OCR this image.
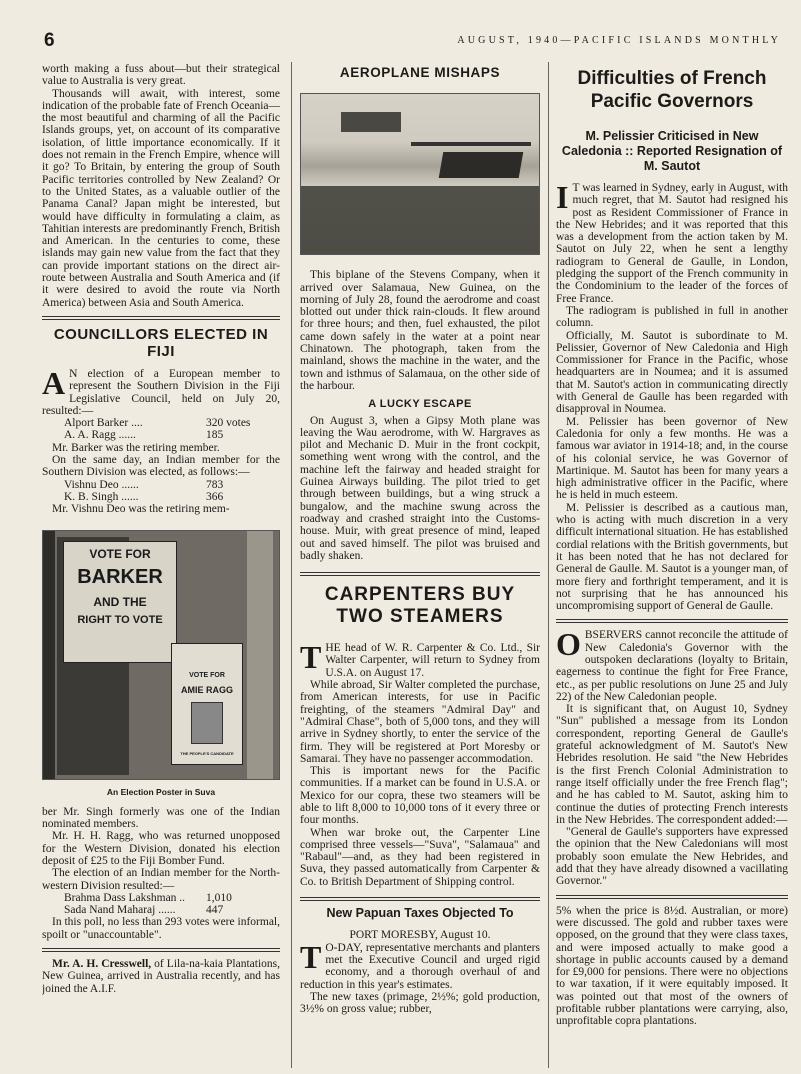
6	AUGUST, 1940—PACIFIC ISLANDS MONTHLY

worth making a fuss about—but their strategical value to Australia is very great.

Thousands will await, with interest, some indication of the probable fate of French Oceania—the most beautiful and charming of all the Pacific Islands groups, yet, on account of its comparative isolation, of little importance economically. If it does not remain in the French Empire, whence will it go? To Britain, by entering the group of South Pacific territories controlled by New Zealand? Or to the United States, as a valuable outlier of the Panama Canal? Japan might be interested, but would have difficulty in formulating a claim, as Tahitian interests are predominantly French, British and American. In the centuries to come, these islands may gain new value from the fact that they can provide important stations on the direct air-route between Australia and South America and (if it were desired to avoid the route via North America) between Asia and South America.

COUNCILLORS ELECTED IN FIJI

A N election of a European member to represent the Southern Division in the Fiji Legislative Council, held on July 20, resulted:—

Alport Barker ....	320 votes
A. A. Ragg ......	185

Mr. Barker was the retiring member.

On the same day, an Indian member for the Southern Division was elected, as follows:—

Vishnu Deo ......	783
K. B. Singh ......	366

Mr. Vishnu Deo was the retiring mem-

VOTE FOR
BARKER
AND THE
RIGHT TO VOTE
VOTE FOR
AMIE RAGG
THE PEOPLE'S CANDIDATE
An Election Poster in Suva

ber Mr. Singh formerly was one of the Indian nominated members.

Mr. H. H. Ragg, who was returned unopposed for the Western Division, donated his election deposit of £25 to the Fiji Bomber Fund.

The election of an Indian member for the North-western Division resulted:—

Brahma Dass Lakshman .. 1,010
Sada Nand Maharaj ......	447

In this poll, no less than 293 votes were informal, spoilt or "unaccountable".

Mr. A. H. Cresswell, of Lila-na-kaia Plantations, New Guinea, arrived in Australia recently, and has joined the A.I.F.

AEROPLANE MISHAPS

This biplane of the Stevens Company, when it arrived over Salamaua, New Guinea, on the morning of July 28, found the aerodrome and coast blotted out under thick rain-clouds. It flew around for three hours; and then, fuel exhausted, the pilot came down safely in the water at a point near Chinatown. The photograph, taken from the mainland, shows the machine in the water, and the town and isthmus of Salamaua, on the other side of the harbour.

A LUCKY ESCAPE

On August 3, when a Gipsy Moth plane was leaving the Wau aerodrome, with W. Hargraves as pilot and Mechanic D. Muir in the front cockpit, something went wrong with the control, and the machine left the fairway and headed straight for Guinea Airways building. The pilot tried to get through between buildings, but a wing struck a bungalow, and the machine swung across the roadway and crashed straight into the Customs-house. Muir, with great presence of mind, leaped out and saved himself. The pilot was bruised and badly shaken.

CARPENTERS BUY TWO STEAMERS

THE head of W. R. Carpenter & Co. Ltd., Sir Walter Carpenter, will return to Sydney from U.S.A. on August 17.

While abroad, Sir Walter completed the purchase, from American interests, for use in Pacific freighting, of the steamers "Admiral Day" and "Admiral Chase", both of 5,000 tons, and they will arrive in Sydney shortly, to enter the service of the firm. They will be registered at Port Moresby or Samarai. They have no passenger accommodation.

This is important news for the Pacific communities. If a market can be found in U.S.A. or Mexico for our copra, these two steamers will be able to lift 8,000 to 10,000 tons of it every three or four months.

When war broke out, the Carpenter Line comprised three vessels—"Suva", "Salamaua" and "Rabaul"—and, as they had been registered in Suva, they passed automatically from Carpenter & Co. to British Department of Shipping control.

New Papuan Taxes Objected To

PORT MORESBY, August 10.

T O-DAY, representative merchants and planters met the Executive Council and urged rigid economy, and a thorough overhaul of and reduction in this year's estimates.

The new taxes (primage, 2½%; gold production, 3½% on gross value; rubber,

Difficulties of French Pacific Governors
M. Pelissier Criticised in New Caledonia :: Reported Resignation of M. Sautot

I T was learned in Sydney, early in August, with much regret, that M. Sautot had resigned his post as Resident Commissioner of France in the New Hebrides; and it was reported that this was a development from the action taken by M. Sautot on July 22, when he sent a lengthy radiogram to General de Gaulle, in London, pledging the support of the French community in the Condominium to the leader of the forces of Free France.

The radiogram is published in full in another column.

Officially, M. Sautot is subordinate to M. Pelissier, Governor of New Caledonia and High Commissioner for France in the Pacific, whose headquarters are in Noumea; and it is assumed that M. Sautot's action in communicating directly with General de Gaulle has been regarded with disapproval in Noumea.

M. Pelissier has been governor of New Caledonia for only a few months. He was a famous war aviator in 1914-18; and, in the course of his colonial service, he was Governor of Martinique. M. Sautot has been for many years a high administrative officer in the Pacific, where he is held in much esteem.

M. Pelissier is described as a cautious man, who is acting with much discretion in a very difficult international situation. He has established cordial relations with the British governments, but it has been noted that he has not declared for General de Gaulle. M. Sautot is a younger man, of more fiery and forthright temperament, and it is not surprising that he has announced his uncompromising support of General de Gaulle.

OBSERVERS cannot reconcile the attitude of New Caledonia's Governor with the outspoken declarations (loyalty to Britain, eagerness to continue the fight for Free France, etc., as per public resolutions on June 25 and July 22) of the New Caledonian people.

It is significant that, on August 10, Sydney "Sun" published a message from its London correspondent, reporting General de Gaulle's grateful acknowledgment of M. Sautot's New Hebrides resolution. He said "the New Hebrides is the first French Colonial Administration to range itself officially under the free French flag"; and he has cabled to M. Sautot, asking him to continue the duties of protecting French interests in the New Hebrides. The correspondent added:—

"General de Gaulle's supporters have expressed the opinion that the New Caledonians will most probably soon emulate the New Hebrides, and add that they have already disowned a vacillating Governor."

5% when the price is 8½d. Australian, or more) were discussed. The gold and rubber taxes were opposed, on the ground that they were class taxes, and were imposed actually to make good a shortage in public accounts caused by a demand for £9,000 for pensions. There were no objections to war taxation, if it were equitably imposed. It was pointed out that most of the owners of profitable rubber plantations were carrying, also, unprofitable copra plantations.
